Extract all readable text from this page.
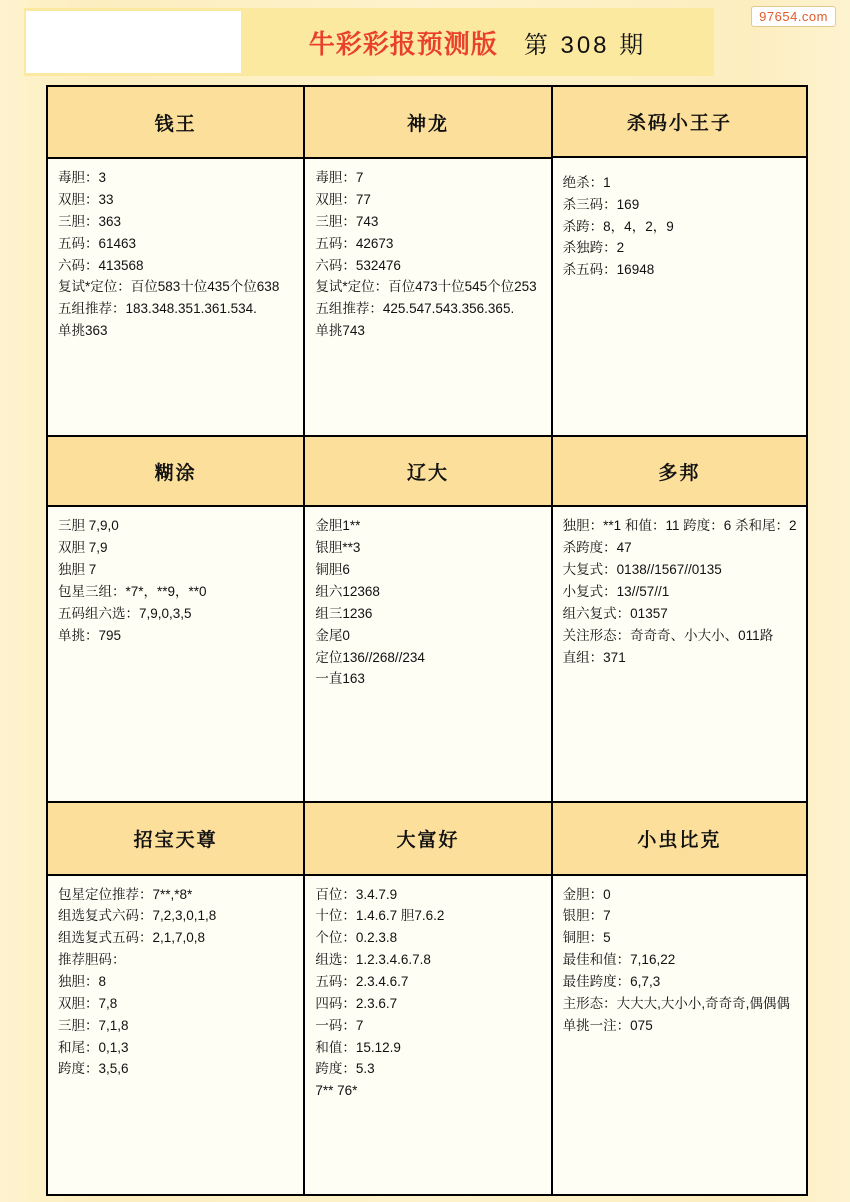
97654.com
牛彩彩报预测版 第 308 期
钱王

毒胆：3

双胆：33

三胆：363

五码：61463

六码：413568

复试*定位：百位583十位435个位638

五组推荐：183.348.351.361.534.

单挑363

神龙

毒胆：7

双胆：77

三胆：743

五码：42673

六码：532476

复试*定位：百位473十位545个位253

五组推荐：425.547.543.356.365.

单挑743

杀码小王子

绝杀：1

杀三码：169

杀跨：8，4，2，9

杀独跨：2

杀五码：16948

糊涂

三胆 7,9,0

双胆 7,9

独胆 7

包星三组：*7*，**9，**0

五码组六选：7,9,0,3,5

单挑：795

辽大

金胆1**

银胆**3

铜胆6

组六12368

组三1236

金尾0

定位136//268//234

一直163

多邦

独胆：**1 和值：11 跨度：6 杀和尾：2 杀跨度：47

大复式：0138//1567//0135

小复式：13//57//1

组六复式：01357

关注形态：奇奇奇、小大小、011路

直组：371

招宝天尊

包星定位推荐：7**,*8*

组选复式六码：7,2,3,0,1,8

组选复式五码：2,1,7,0,8

推荐胆码：

独胆：8

双胆：7,8

三胆：7,1,8

和尾：0,1,3

跨度：3,5,6

大富好

百位：3.4.7.9

十位：1.4.6.7 胆7.6.2

个位：0.2.3.8

组选：1.2.3.4.6.7.8

五码：2.3.4.6.7

四码：2.3.6.7

一码：7

和值：15.12.9

跨度：5.3

7** 76*

小虫比克

金胆：0

银胆：7

铜胆：5

最佳和值：7,16,22

最佳跨度：6,7,3

主形态：大大大,大小小,奇奇奇,偶偶偶

单挑一注：075
